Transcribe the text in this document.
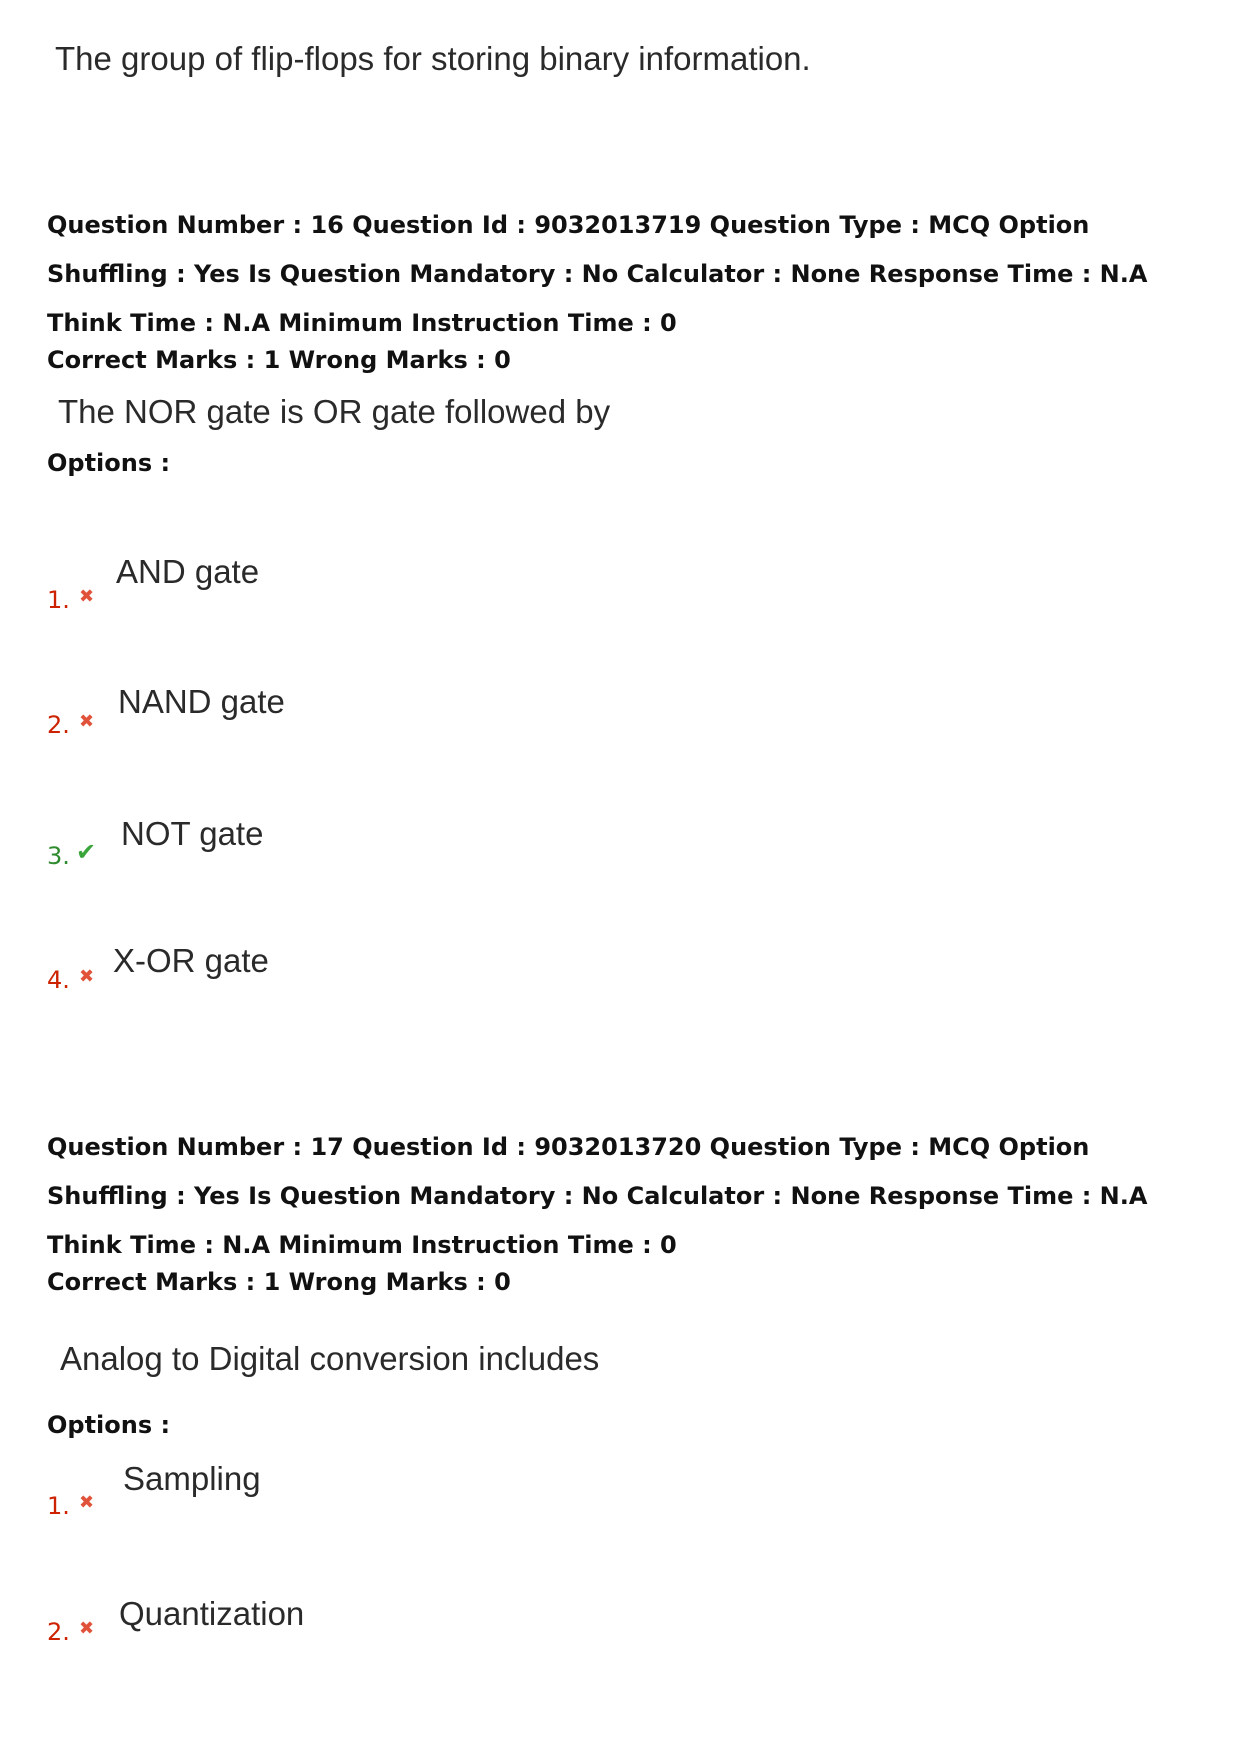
The group of flip-flops for storing binary information.
Question Number : 16 Question Id : 9032013719 Question Type : MCQ Option Shuffling : Yes Is Question Mandatory : No Calculator : None Response Time : N.A Think Time : N.A Minimum Instruction Time : 0
Correct Marks : 1 Wrong Marks : 0
The NOR gate is OR gate followed by
Options :
1. ✖
AND gate
2. ✖
NAND gate
3. ✔ NOT gate
4. ✖ X-OR gate
Question Number : 17 Question Id : 9032013720 Question Type : MCQ Option Shuffling : Yes Is Question Mandatory : No Calculator : None Response Time : N.A Think Time : N.A Minimum Instruction Time : 0
Correct Marks : 1 Wrong Marks : 0
Analog to Digital conversion includes
Options :
1. ✖
Sampling
2. ✖ Quantization
